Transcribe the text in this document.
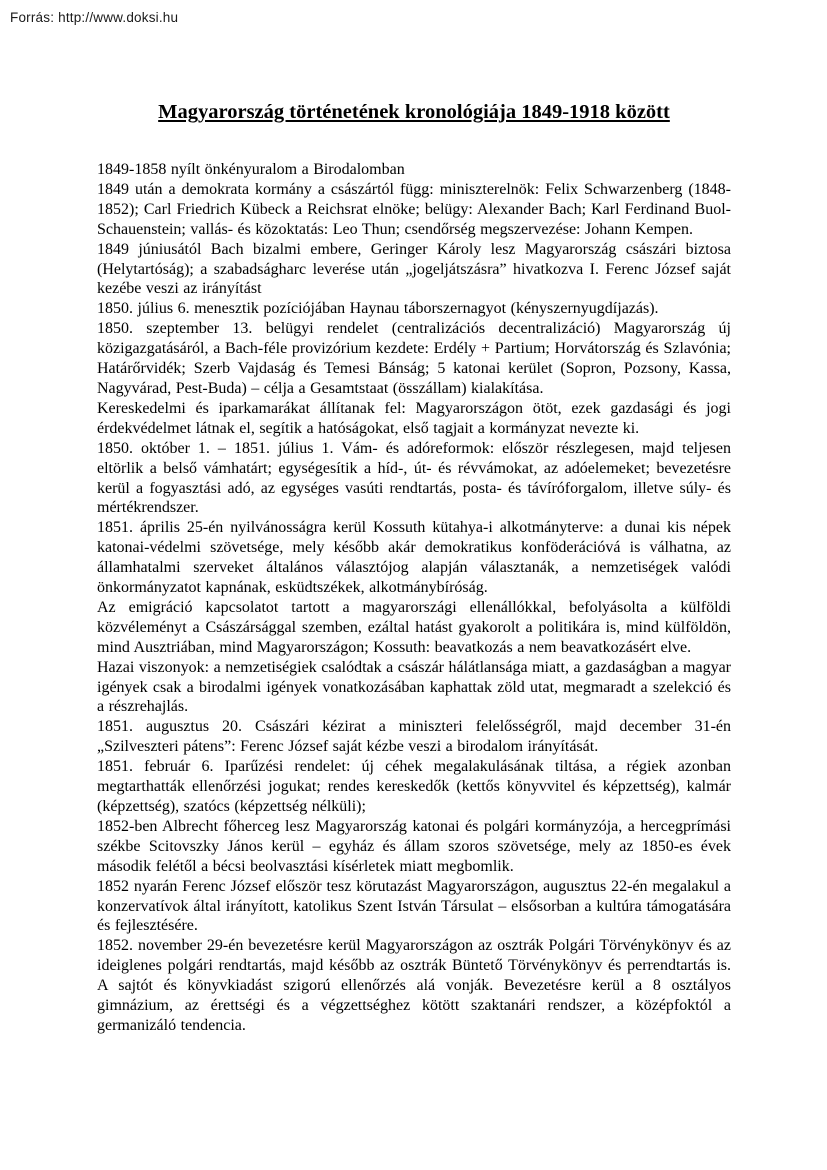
Forrás: http://www.doksi.hu
Magyarország történetének kronológiája 1849-1918 között

1849-1858 nyílt önkényuralom a Birodalomban

1849 után a demokrata kormány a császártól függ: miniszterelnök: Felix Schwarzenberg (1848-1852); Carl Friedrich Kübeck a Reichsrat elnöke; belügy: Alexander Bach; Karl Ferdinand Buol-Schauenstein; vallás- és közoktatás: Leo Thun; csendőrség megszervezése: Johann Kempen.

1849 júniusától Bach bizalmi embere, Geringer Károly lesz Magyarország császári biztosa (Helytartóság); a szabadságharc leverése után „jogeljátszásra” hivatkozva I. Ferenc József saját kezébe veszi az irányítást

1850. július 6. menesztik pozíciójában Haynau táborszernagyot (kényszernyugdíjazás).

1850. szeptember 13. belügyi rendelet (centralizációs decentralizáció) Magyarország új közigazgatásáról, a Bach-féle provizórium kezdete: Erdély + Partium; Horvátország és Szlavónia; Határőrvidék; Szerb Vajdaság és Temesi Bánság; 5 katonai kerület (Sopron, Pozsony, Kassa, Nagyvárad, Pest-Buda) – célja a Gesamtstaat (összállam) kialakítása.

Kereskedelmi és iparkamarákat állítanak fel: Magyarországon ötöt, ezek gazdasági és jogi érdekvédelmet látnak el, segítik a hatóságokat, első tagjait a kormányzat nevezte ki.

1850. október 1. – 1851. július 1. Vám- és adóreformok: először részlegesen, majd teljesen eltörlik a belső vámhatárt; egységesítik a híd-, út- és révvámokat, az adóelemeket; bevezetésre kerül a fogyasztási adó, az egységes vasúti rendtartás, posta- és távíróforgalom, illetve súly- és mértékrendszer.

1851. április 25-én nyilvánosságra kerül Kossuth kütahya-i alkotmányterve: a dunai kis népek katonai-védelmi szövetsége, mely később akár demokratikus konföderációvá is válhatna, az államhatalmi szerveket általános választójog alapján választanák, a nemzetiségek valódi önkormányzatot kapnának, esküdtszékek, alkotmánybíróság.

Az emigráció kapcsolatot tartott a magyarországi ellenállókkal, befolyásolta a külföldi közvéleményt a Császársággal szemben, ezáltal hatást gyakorolt a politikára is, mind külföldön, mind Ausztriában, mind Magyarországon; Kossuth: beavatkozás a nem beavatkozásért elve.

Hazai viszonyok: a nemzetiségiek csalódtak a császár hálátlansága miatt, a gazdaságban a magyar igények csak a birodalmi igények vonatkozásában kaphattak zöld utat, megmaradt a szelekció és a részrehajlás.

1851. augusztus 20. Császári kézirat a miniszteri felelősségről, majd december 31-én „Szilveszteri pátens”: Ferenc József saját kézbe veszi a birodalom irányítását.

1851. február 6. Iparűzési rendelet: új céhek megalakulásának tiltása, a régiek azonban megtarthatták ellenőrzési jogukat; rendes kereskedők (kettős könyvvitel és képzettség), kalmár (képzettség), szatócs (képzettség nélküli);

1852-ben Albrecht főherceg lesz Magyarország katonai és polgári kormányzója, a hercegprímási székbe Scitovszky János kerül – egyház és állam szoros szövetsége, mely az 1850-es évek második felétől a bécsi beolvasztási kísérletek miatt megbomlik.

1852 nyarán Ferenc József először tesz körutazást Magyarországon, augusztus 22-én megalakul a konzervatívok által irányított, katolikus Szent István Társulat – elsősorban a kultúra támogatására és fejlesztésére.

1852. november 29-én bevezetésre kerül Magyarországon az osztrák Polgári Törvénykönyv és az ideiglenes polgári rendtartás, majd később az osztrák Büntető Törvénykönyv és perrendtartás is. A sajtót és könyvkiadást szigorú ellenőrzés alá vonják. Bevezetésre kerül a 8 osztályos gimnázium, az érettségi és a végzettséghez kötött szaktanári rendszer, a középfoktól a germanizáló tendencia.
